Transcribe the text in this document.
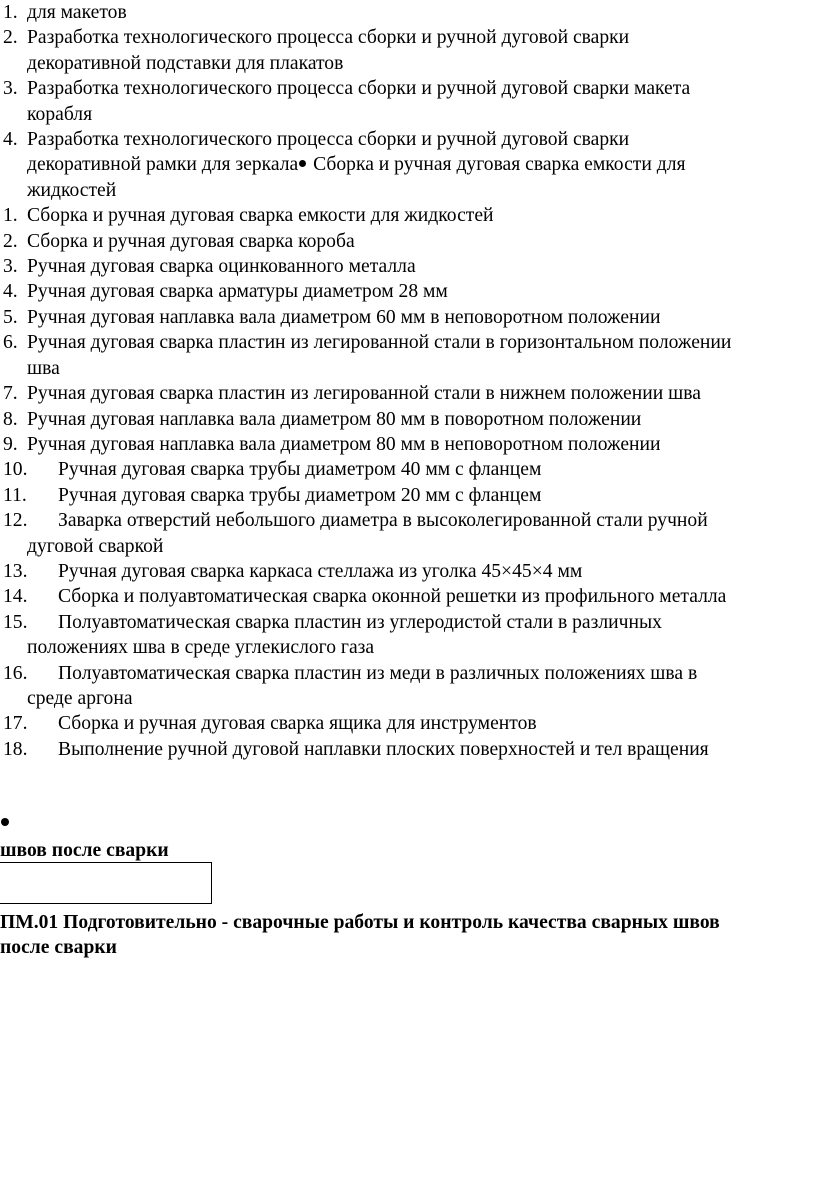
1. для макетов
2. Разработка технологического процесса сборки и ручной дуговой сварки
декоративной подставки для плакатов
3. Разработка технологического процесса сборки и ручной дуговой сварки макета
корабля
4. Разработка технологического процесса сборки и ручной дуговой сварки
декоративной рамки для зеркала Сборка и ручная дуговая сварка емкости для
жидкостей
1. Сборка и ручная дуговая сварка емкости для жидкостей
2. Сборка и ручная дуговая сварка короба
3. Ручная дуговая сварка оцинкованного металла
4. Ручная дуговая сварка арматуры диаметром 28 мм
5. Ручная дуговая наплавка вала диаметром 60 мм в неповоротном положении
6. Ручная дуговая сварка пластин из легированной стали в горизонтальном положении
шва
7. Ручная дуговая сварка пластин из легированной стали в нижнем положении шва
8. Ручная дуговая наплавка вала диаметром 80 мм в поворотном положении
9. Ручная дуговая наплавка вала диаметром 80 мм в неповоротном положении
10. Ручная дуговая сварка трубы диаметром 40 мм с фланцем
11. Ручная дуговая сварка трубы диаметром 20 мм с фланцем
12. Заварка отверстий небольшого диаметра в высоколегированной стали ручной
дуговой сваркой
13. Ручная дуговая сварка каркаса стеллажа из уголка 45×45×4 мм
14. Сборка и полуавтоматическая сварка оконной решетки из профильного металла
15. Полуавтоматическая сварка пластин из углеродистой стали в различных
положениях шва в среде углекислого газа
16. Полуавтоматическая сварка пластин из меди в различных положениях шва в
среде аргона
17. Сборка и ручная дуговая сварка ящика для инструментов
18. Выполнение ручной дуговой наплавки плоских поверхностей и тел вращения
швов после сварки
ПМ.01 Подготовительно - сварочные работы и контроль качества сварных швов
после сварки
